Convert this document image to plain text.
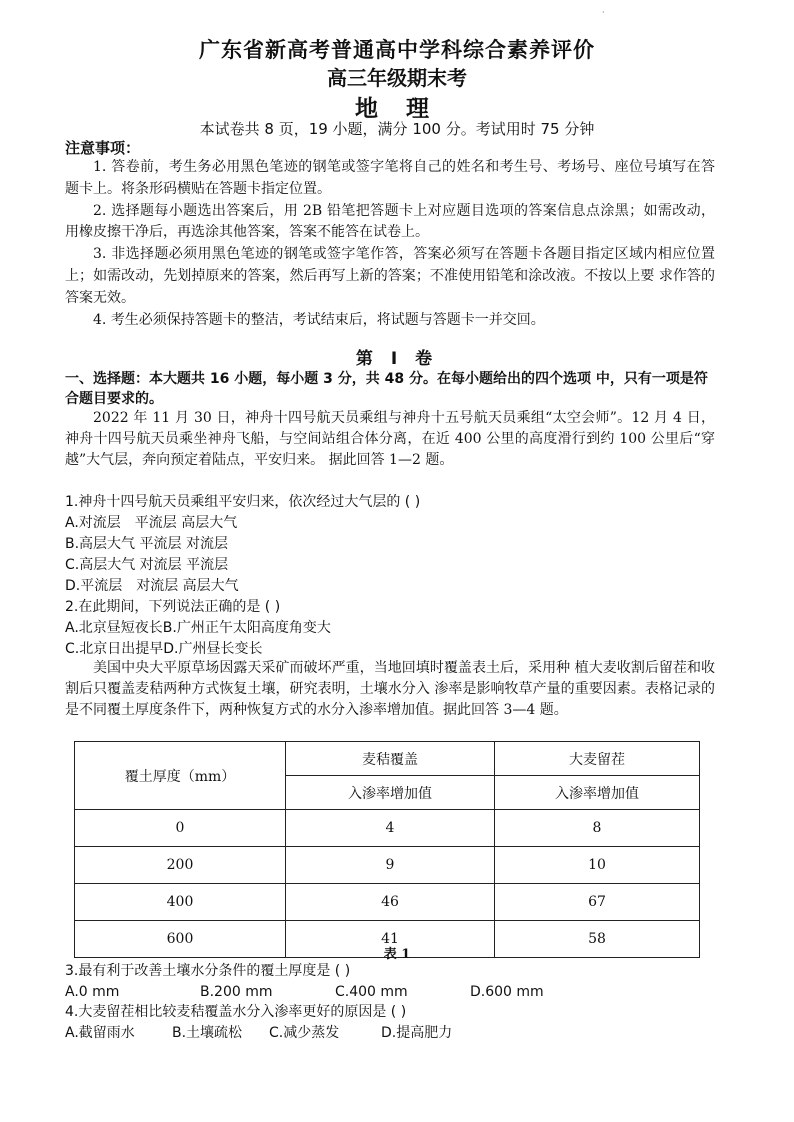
·
广东省新高考普通高中学科综合素养评价
高三年级期末考
地 理
本试卷共 8 页，19 小题，满分 100 分。考试用时 75 分钟
注意事项：

1. 答卷前，考生务必用黑色笔迹的钢笔或签字笔将自己的姓名和考生号、考场号、座位号填写在答 题卡上。将条形码横贴在答题卡指定位置。

2. 选择题每小题选出答案后，用 2B 铅笔把答题卡上对应题目选项的答案信息点涂黑；如需改动， 用橡皮擦干净后，再选涂其他答案，答案不能答在试卷上。

3. 非选择题必须用黑色笔迹的钢笔或签字笔作答，答案必须写在答题卡各题目指定区域内相应位置 上；如需改动，先划掉原来的答案，然后再写上新的答案；不准使用铅笔和涂改液。不按以上要 求作答的答案无效。

4. 考生必须保持答题卡的整洁，考试结束后，将试题与答题卡一并交回。

第 Ⅰ 卷
一、选择题：本大题共 16 小题，每小题 3 分，共 48 分。在每小题给出的四个选项 中，只有一项是符合题目要求的。

2022 年 11 月 30 日，神舟十四号航天员乘组与神舟十五号航天员乘组“太空会师”。12 月 4 日，神舟十四号航天员乘坐神舟飞船，与空间站组合体分离，在近 400 公里的高度滑行到约 100 公里后“穿越”大气层，奔向预定着陆点，平安归来。 据此回答 1—2 题。

1.神舟十四号航天员乘组平安归来，依次经过大气层的 ( )
A.对流层　平流层 高层大气
B.高层大气 平流层 对流层
C.高层大气 对流层 平流层
D.平流层　对流层 高层大气
2.在此期间，下列说法正确的是 ( )
A.北京昼短夜长B.广州正午太阳高度角变大
C.北京日出提早D.广州昼长变长

美国中央大平原草场因露天采矿而破坏严重，当地回填时覆盖表土后，采用种 植大麦收割后留茬和收割后只覆盖麦秸两种方式恢复土壤，研究表明，土壤水分入 渗率是影响牧草产量的重要因素。表格记录的是不同覆土厚度条件下，两种恢复方式的水分入渗率增加值。据此回答 3—4 题。

覆土厚度（mm）	麦秸覆盖	大麦留茬
	入渗率增加值	入渗率增加值
0	4	8
200	9	10
400	46	67
600	41	58
表 1
3.最有利于改善土壤水分条件的覆土厚度是 ( )
A.0 mm	B.200 mm	C.400 mm	D.600 mm
4.大麦留茬相比较麦秸覆盖水分入渗率更好的原因是 ( )
A.截留雨水	B.土壤疏松 C.减少蒸发	D.提高肥力
